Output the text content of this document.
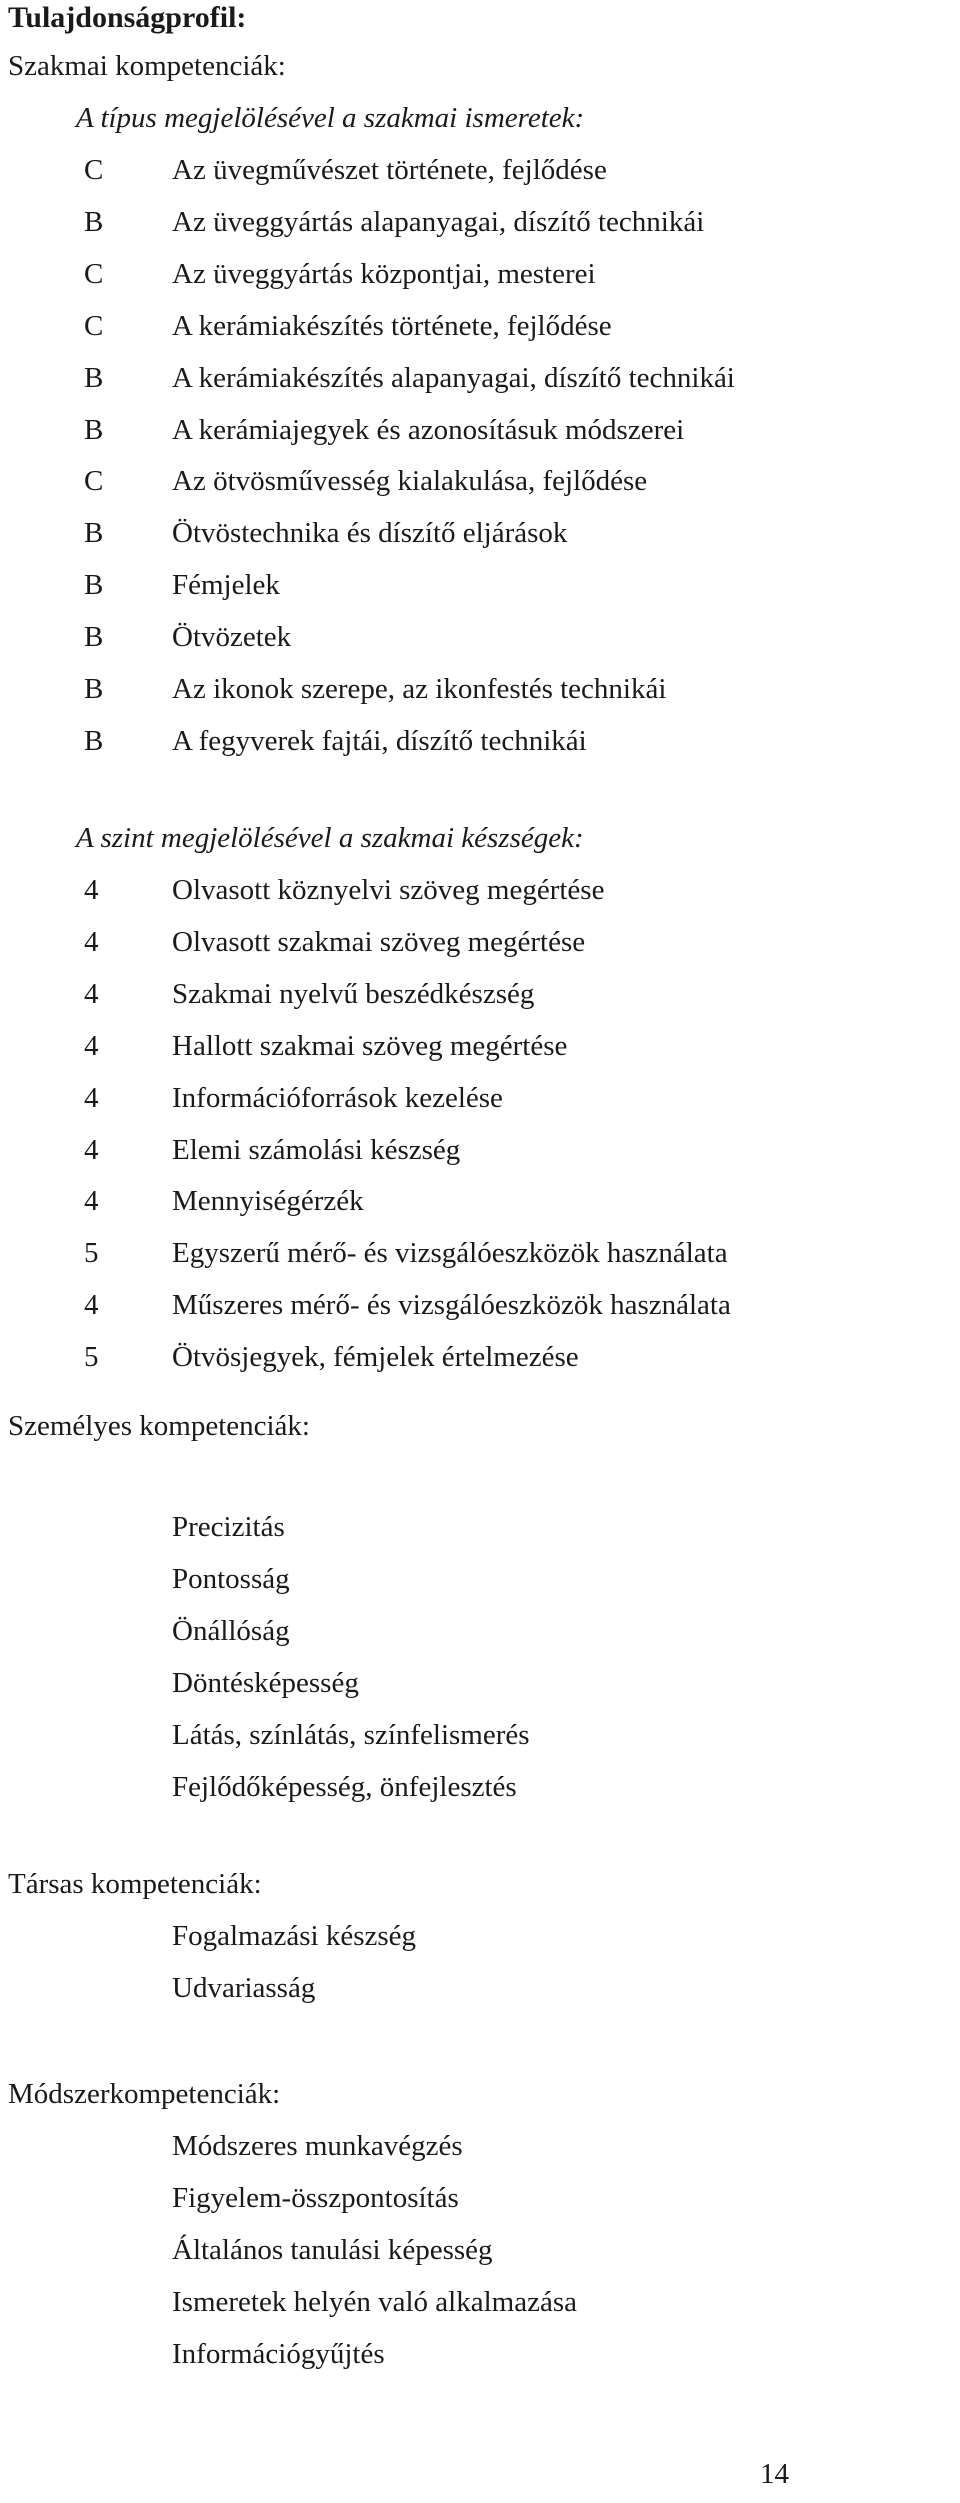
Tulajdonságprofil:
Szakmai kompetenciák:
A típus megjelölésével a szakmai ismeretek:
C	Az üvegművészet története, fejlődése
B	Az üveggyártás alapanyagai, díszítő technikái
C	Az üveggyártás központjai, mesterei
C	A kerámiakészítés története, fejlődése
B	A kerámiakészítés alapanyagai, díszítő technikái
B	A kerámiajegyek és azonosításuk módszerei
C	Az ötvösművesség kialakulása, fejlődése
B	Ötvöstechnika és díszítő eljárások
B	Fémjelek
B	Ötvözetek
B	Az ikonok szerepe, az ikonfestés technikái
B	A fegyverek fajtái, díszítő technikái
A szint megjelölésével a szakmai készségek:
4	Olvasott köznyelvi szöveg megértése
4	Olvasott szakmai szöveg megértése
4	Szakmai nyelvű beszédkészség
4	Hallott szakmai szöveg megértése
4	Információforrások kezelése
4	Elemi számolási készség
4	Mennyiségérzék
5	Egyszerű mérő- és vizsgálóeszközök használata
4	Műszeres mérő- és vizsgálóeszközök használata
5	Ötvösjegyek, fémjelek értelmezése
Személyes kompetenciák:
Precizitás
Pontosság
Önállóság
Döntésképesség
Látás, színlátás, színfelismerés
Fejlődőképesség, önfejlesztés
Társas kompetenciák:
Fogalmazási készség
Udvariasság
Módszerkompetenciák:
Módszeres munkavégzés
Figyelem-összpontosítás
Általános tanulási képesség
Ismeretek helyén való alkalmazása
Információgyűjtés
14
